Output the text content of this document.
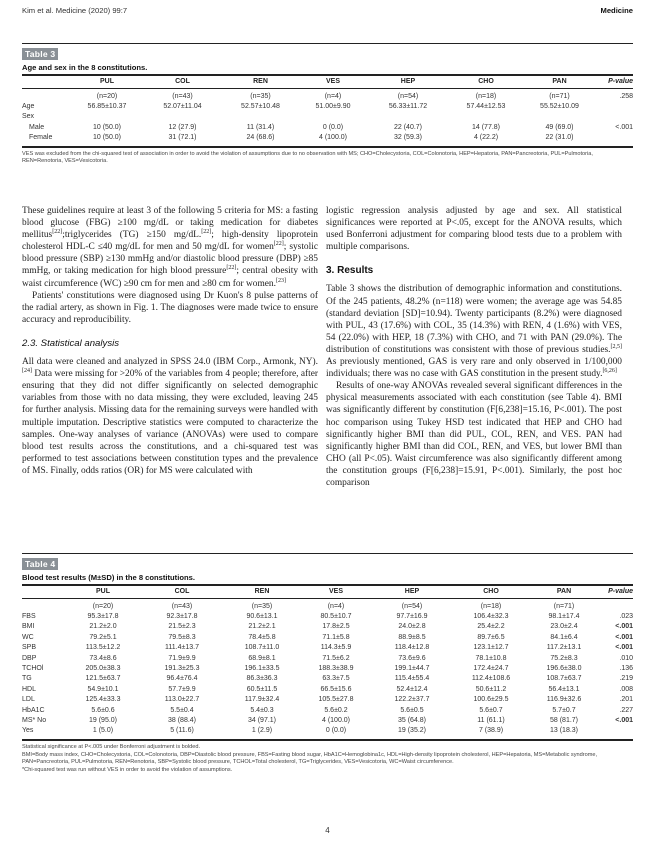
Kim et al. Medicine (2020) 99:7	Medicine
Table 3
Age and sex in the 8 constitutions.
	PUL	COL	REN	VES	HEP	CHO	PAN	P-value
	(n=20)	(n=43)	(n=35)	(n=4)	(n=54)	(n=18)	(n=71)	.258
Age	56.85±10.37	52.07±11.04	52.57±10.48	51.00±9.90	56.33±11.72	57.44±12.53	55.52±10.09	
Sex								
Male	10 (50.0)	12 (27.9)	11 (31.4)	0 (0.0)	22 (40.7)	14 (77.8)	49 (69.0)	<.001
Female	10 (50.0)	31 (72.1)	24 (68.6)	4 (100.0)	32 (59.3)	4 (22.2)	22 (31.0)	
VES was excluded from the chi-squared test of association in order to avoid the violation of assumptions due to no observation with MS; CHO=Cholecystoria, COL=Colonotoria, HEP=Hepatoria, PAN=Pancreotoria, PUL=Pulmotoria, REN=Renotoria, VES=Vesicotoria.

These guidelines require at least 3 of the following 5 criteria for MS: a fasting blood glucose (FBG) ≥100 mg/dL or taking medication for diabetes mellitus[22];triglycerides (TG) ≥150 mg/dL.[22]; high-density lipoprotein cholesterol HDL-C ≤40 mg/dL for men and 50 mg/dL for women[22]; systolic blood pressure (SBP) ≥130 mmHg and/or diastolic blood pressure (DBP) ≥85 mmHg, or taking medication for high blood pressure[22]; central obesity with waist circumference (WC) ≥90 cm for men and ≥80 cm for women.[23]

Patients' constitutions were diagnosed using Dr Kuon's 8 pulse patterns of the radial artery, as shown in Fig. 1. The diagnoses were made twice to ensure accuracy and reproducibility.

2.3. Statistical analysis

All data were cleaned and analyzed in SPSS 24.0 (IBM Corp., Armonk, NY).[24] Data were missing for >20% of the variables from 4 people; therefore, after ensuring that they did not differ significantly on selected demographic variables from those with no data missing, they were excluded, leaving 245 for further analysis. Missing data for the remaining surveys were handled with multiple imputation. Descriptive statistics were computed to characterize the samples. One-way analyses of variance (ANOVAs) were used to compare blood test results across the constitutions, and a chi-squared test was performed to test associations between constitution types and the prevalence of MS. Finally, odds ratios (OR) for MS were calculated with

logistic regression analysis adjusted by age and sex. All statistical significances were reported at P<.05, except for the ANOVA results, which used Bonferroni adjustment for comparing blood tests due to a problem with multiple comparisons.

3. Results

Table 3 shows the distribution of demographic information and constitutions. Of the 245 patients, 48.2% (n=118) were women; the average age was 54.85 (standard deviation [SD]=10.94). Twenty participants (8.2%) were diagnosed with PUL, 43 (17.6%) with COL, 35 (14.3%) with REN, 4 (1.6%) with VES, 54 (22.0%) with HEP, 18 (7.3%) with CHO, and 71 with PAN (29.0%). The distribution of constitutions was consistent with those of previous studies.[2,5] As previously mentioned, GAS is very rare and only observed in 1/100,000 individuals; there was no case with GAS constitution in the present study.[6,26]

Results of one-way ANOVAs revealed several significant differences in the physical measurements associated with each constitution (see Table 4). BMI was significantly different by constitution (F[6,238]=15.16, P<.001). The post hoc comparison using Tukey HSD test indicated that HEP and CHO had significantly higher BMI than did PUL, COL, REN, and VES. PAN had significantly higher BMI than did COL, REN, and VES, but lower BMI than CHO (all P<.05). Waist circumference was also significantly different among the constitution groups (F[6,238]=15.91, P<.001). Similarly, the post hoc comparison

Table 4
Blood test results (M±SD) in the 8 constitutions.
	PUL	COL	REN	VES	HEP	CHO	PAN	P-value
	(n=20)	(n=43)	(n=35)	(n=4)	(n=54)	(n=18)	(n=71)	
FBS	95.3±17.8	92.3±17.8	90.6±13.1	80.5±10.7	97.7±16.9	106.4±32.3	98.1±17.4	.023
BMI	21.2±2.0	21.5±2.3	21.2±2.1	17.8±2.5	24.0±2.8	25.4±2.2	23.0±2.4	<.001
WC	79.2±5.1	79.5±8.3	78.4±5.8	71.1±5.8	88.9±8.5	89.7±6.5	84.1±6.4	<.001
SPB	113.5±12.2	111.4±13.7	108.7±11.0	114.3±5.9	118.4±12.8	123.1±12.7	117.2±13.1	<.001
DBP	73.4±8.6	71.9±9.9	68.9±8.1	71.5±6.2	73.6±9.6	78.1±10.8	75.2±8.3	.010
TCHOl	205.0±38.3	191.3±25.3	196.1±33.5	188.3±38.9	199.1±44.7	172.4±24.7	196.6±38.0	.136
TG	121.5±63.7	96.4±76.4	86.3±36.3	63.3±7.5	115.4±55.4	112.4±108.6	108.7±63.7	.219
HDL	54.9±10.1	57.7±9.9	60.5±11.5	66.5±15.6	52.4±12.4	50.6±11.2	56.4±13.1	.008
LDL	125.4±33.3	113.0±22.7	117.9±32.4	105.5±27.8	122.2±37.7	100.6±29.5	116.9±32.6	.201
HbA1C	5.6±0.6	5.5±0.4	5.4±0.3	5.6±0.2	5.6±0.5	5.6±0.7	5.7±0.7	.227
MS* No	19 (95.0)	38 (88.4)	34 (97.1)	4 (100.0)	35 (64.8)	11 (61.1)	58 (81.7)	<.001
Yes	1 (5.0)	5 (11.6)	1 (2.9)	0 (0.0)	19 (35.2)	7 (38.9)	13 (18.3)	
Statistical significance at P<.005 under Bonferroni adjustment is bolded.
BMI=Body mass index, CHO=Cholecystoria, COL=Colonotoria, DBP=Diastolic blood pressure, FBS=Fasting blood sugar, HbA1C=Hemoglobina1c, HDL=High-density lipoprotein cholesterol, HEP=Hepatoria, MS=Metabolic syndrome, PAN=Pancreotoria, PUL=Pulmotoria, REN=Renotoria, SBP=Systolic blood pressure, TCHOL=Total cholesterol, TG=Triglycerides, VES=Vesicotoria, WC=Waist circumference.
*Chi-squared test was run without VES in order to avoid the violation of assumptions.
4
